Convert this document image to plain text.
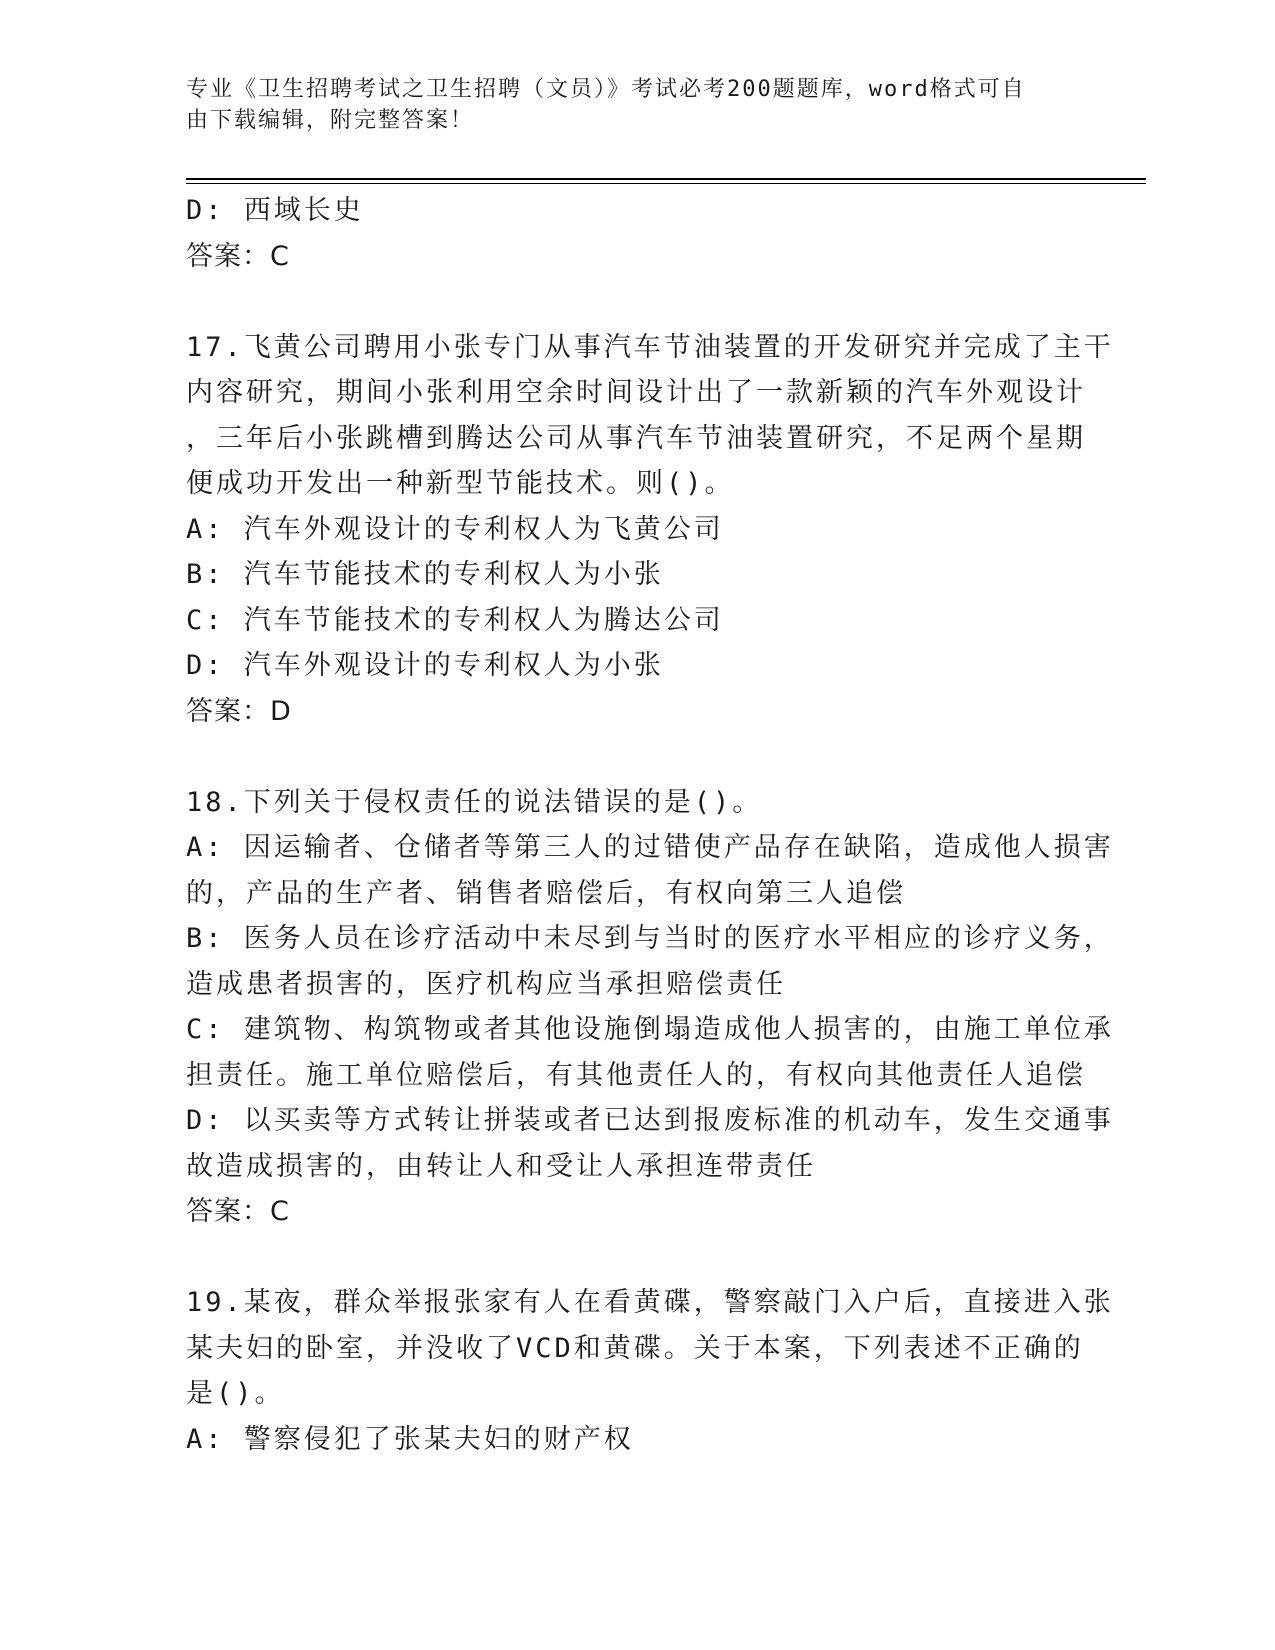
专业《卫生招聘考试之卫生招聘（文员）》考试必考200题题库，word格式可自
由下载编辑，附完整答案！
D: 西域长史
答案：C
17.飞黄公司聘用小张专门从事汽车节油装置的开发研究并完成了主干
内容研究，期间小张利用空余时间设计出了一款新颖的汽车外观设计
，三年后小张跳槽到腾达公司从事汽车节油装置研究，不足两个星期
便成功开发出一种新型节能技术。则()。
A: 汽车外观设计的专利权人为飞黄公司
B: 汽车节能技术的专利权人为小张
C: 汽车节能技术的专利权人为腾达公司
D: 汽车外观设计的专利权人为小张
答案：D
18.下列关于侵权责任的说法错误的是()。
A: 因运输者、仓储者等第三人的过错使产品存在缺陷，造成他人损害
的，产品的生产者、销售者赔偿后，有权向第三人追偿
B: 医务人员在诊疗活动中未尽到与当时的医疗水平相应的诊疗义务，
造成患者损害的，医疗机构应当承担赔偿责任
C: 建筑物、构筑物或者其他设施倒塌造成他人损害的，由施工单位承
担责任。施工单位赔偿后，有其他责任人的，有权向其他责任人追偿
D: 以买卖等方式转让拼装或者已达到报废标准的机动车，发生交通事
故造成损害的，由转让人和受让人承担连带责任
答案：C
19.某夜，群众举报张家有人在看黄碟，警察敲门入户后，直接进入张
某夫妇的卧室，并没收了VCD和黄碟。关于本案，下列表述不正确的
是()。
A: 警察侵犯了张某夫妇的财产权
